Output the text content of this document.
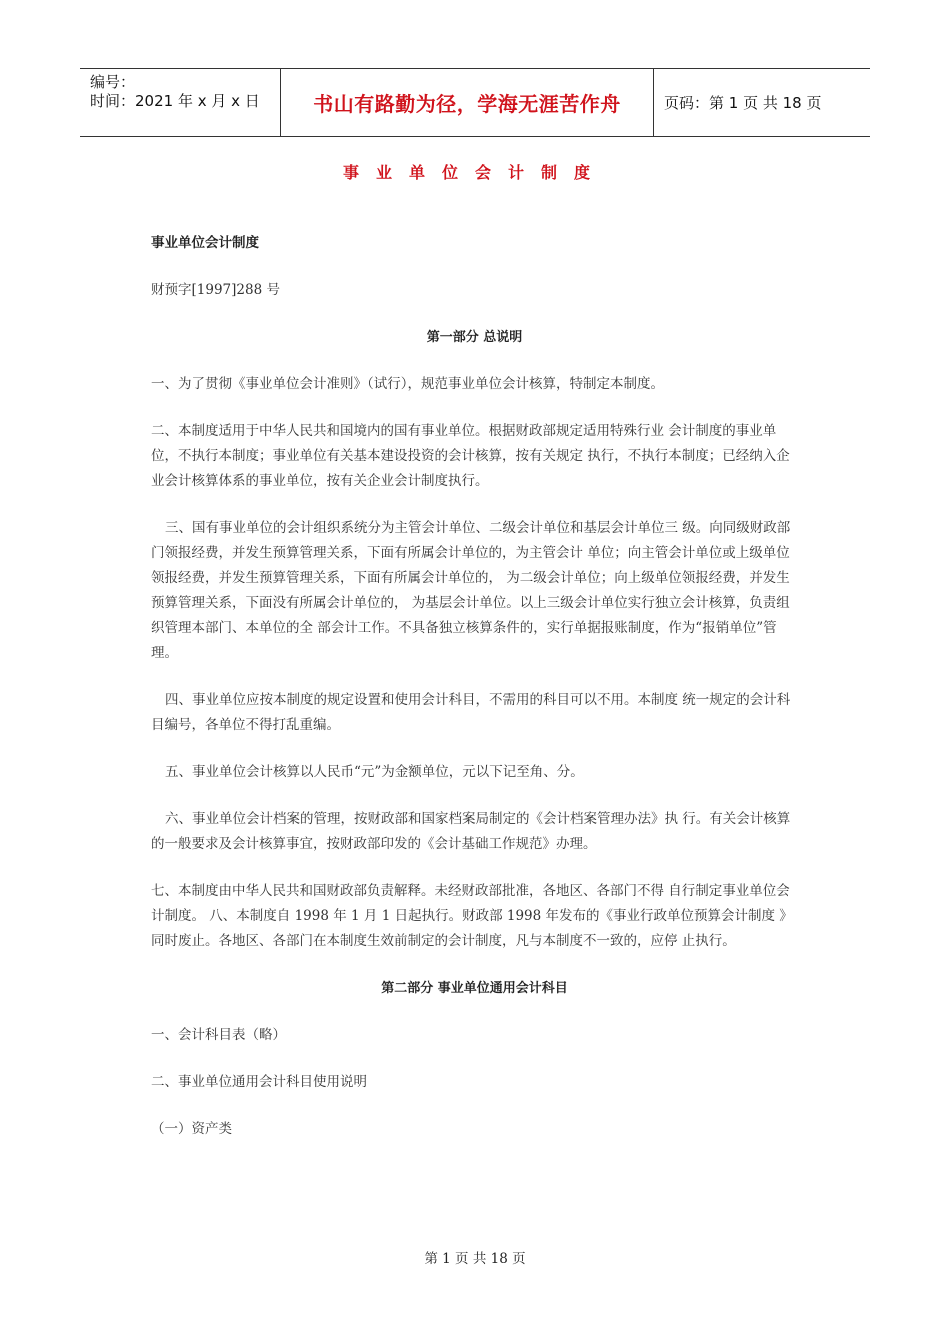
编号：
时间：2021 年 x 月 x 日	书山有路勤为径，学海无涯苦作舟	页码：第 1 页 共 18 页
事业单位会计制度

事业单位会计制度

财预字[1997]288 号

第一部分 总说明

一、为了贯彻《事业单位会计准则》（试行），规范事业单位会计核算，特制定本制度。

二、本制度适用于中华人民共和国境内的国有事业单位。根据财政部规定适用特殊行业 会计制度的事业单位，不执行本制度；事业单位有关基本建设投资的会计核算，按有关规定 执行，不执行本制度；已经纳入企业会计核算体系的事业单位，按有关企业会计制度执行。

三、国有事业单位的会计组织系统分为主管会计单位、二级会计单位和基层会计单位三 级。向同级财政部门领报经费，并发生预算管理关系，下面有所属会计单位的，为主管会计 单位；向主管会计单位或上级单位领报经费，并发生预算管理关系，下面有所属会计单位的， 为二级会计单位；向上级单位领报经费，并发生预算管理关系，下面没有所属会计单位的， 为基层会计单位。以上三级会计单位实行独立会计核算，负责组织管理本部门、本单位的全 部会计工作。不具备独立核算条件的，实行单据报账制度，作为“报销单位”管理。

四、事业单位应按本制度的规定设置和使用会计科目，不需用的科目可以不用。本制度 统一规定的会计科目编号，各单位不得打乱重编。

五、事业单位会计核算以人民币“元”为金额单位，元以下记至角、分。

六、事业单位会计档案的管理，按财政部和国家档案局制定的《会计档案管理办法》执 行。有关会计核算的一般要求及会计核算事宜，按财政部印发的《会计基础工作规范》办理。

七、本制度由中华人民共和国财政部负责解释。未经财政部批准，各地区、各部门不得 自行制定事业单位会计制度。 八、本制度自 1998 年 1 月 1 日起执行。财政部 1998 年发布的《事业行政单位预算会计制度 》同时废止。各地区、各部门在本制度生效前制定的会计制度，凡与本制度不一致的，应停 止执行。

第二部分 事业单位通用会计科目

一、会计科目表（略）

二、事业单位通用会计科目使用说明

（一）资产类

第 1 页 共 18 页
